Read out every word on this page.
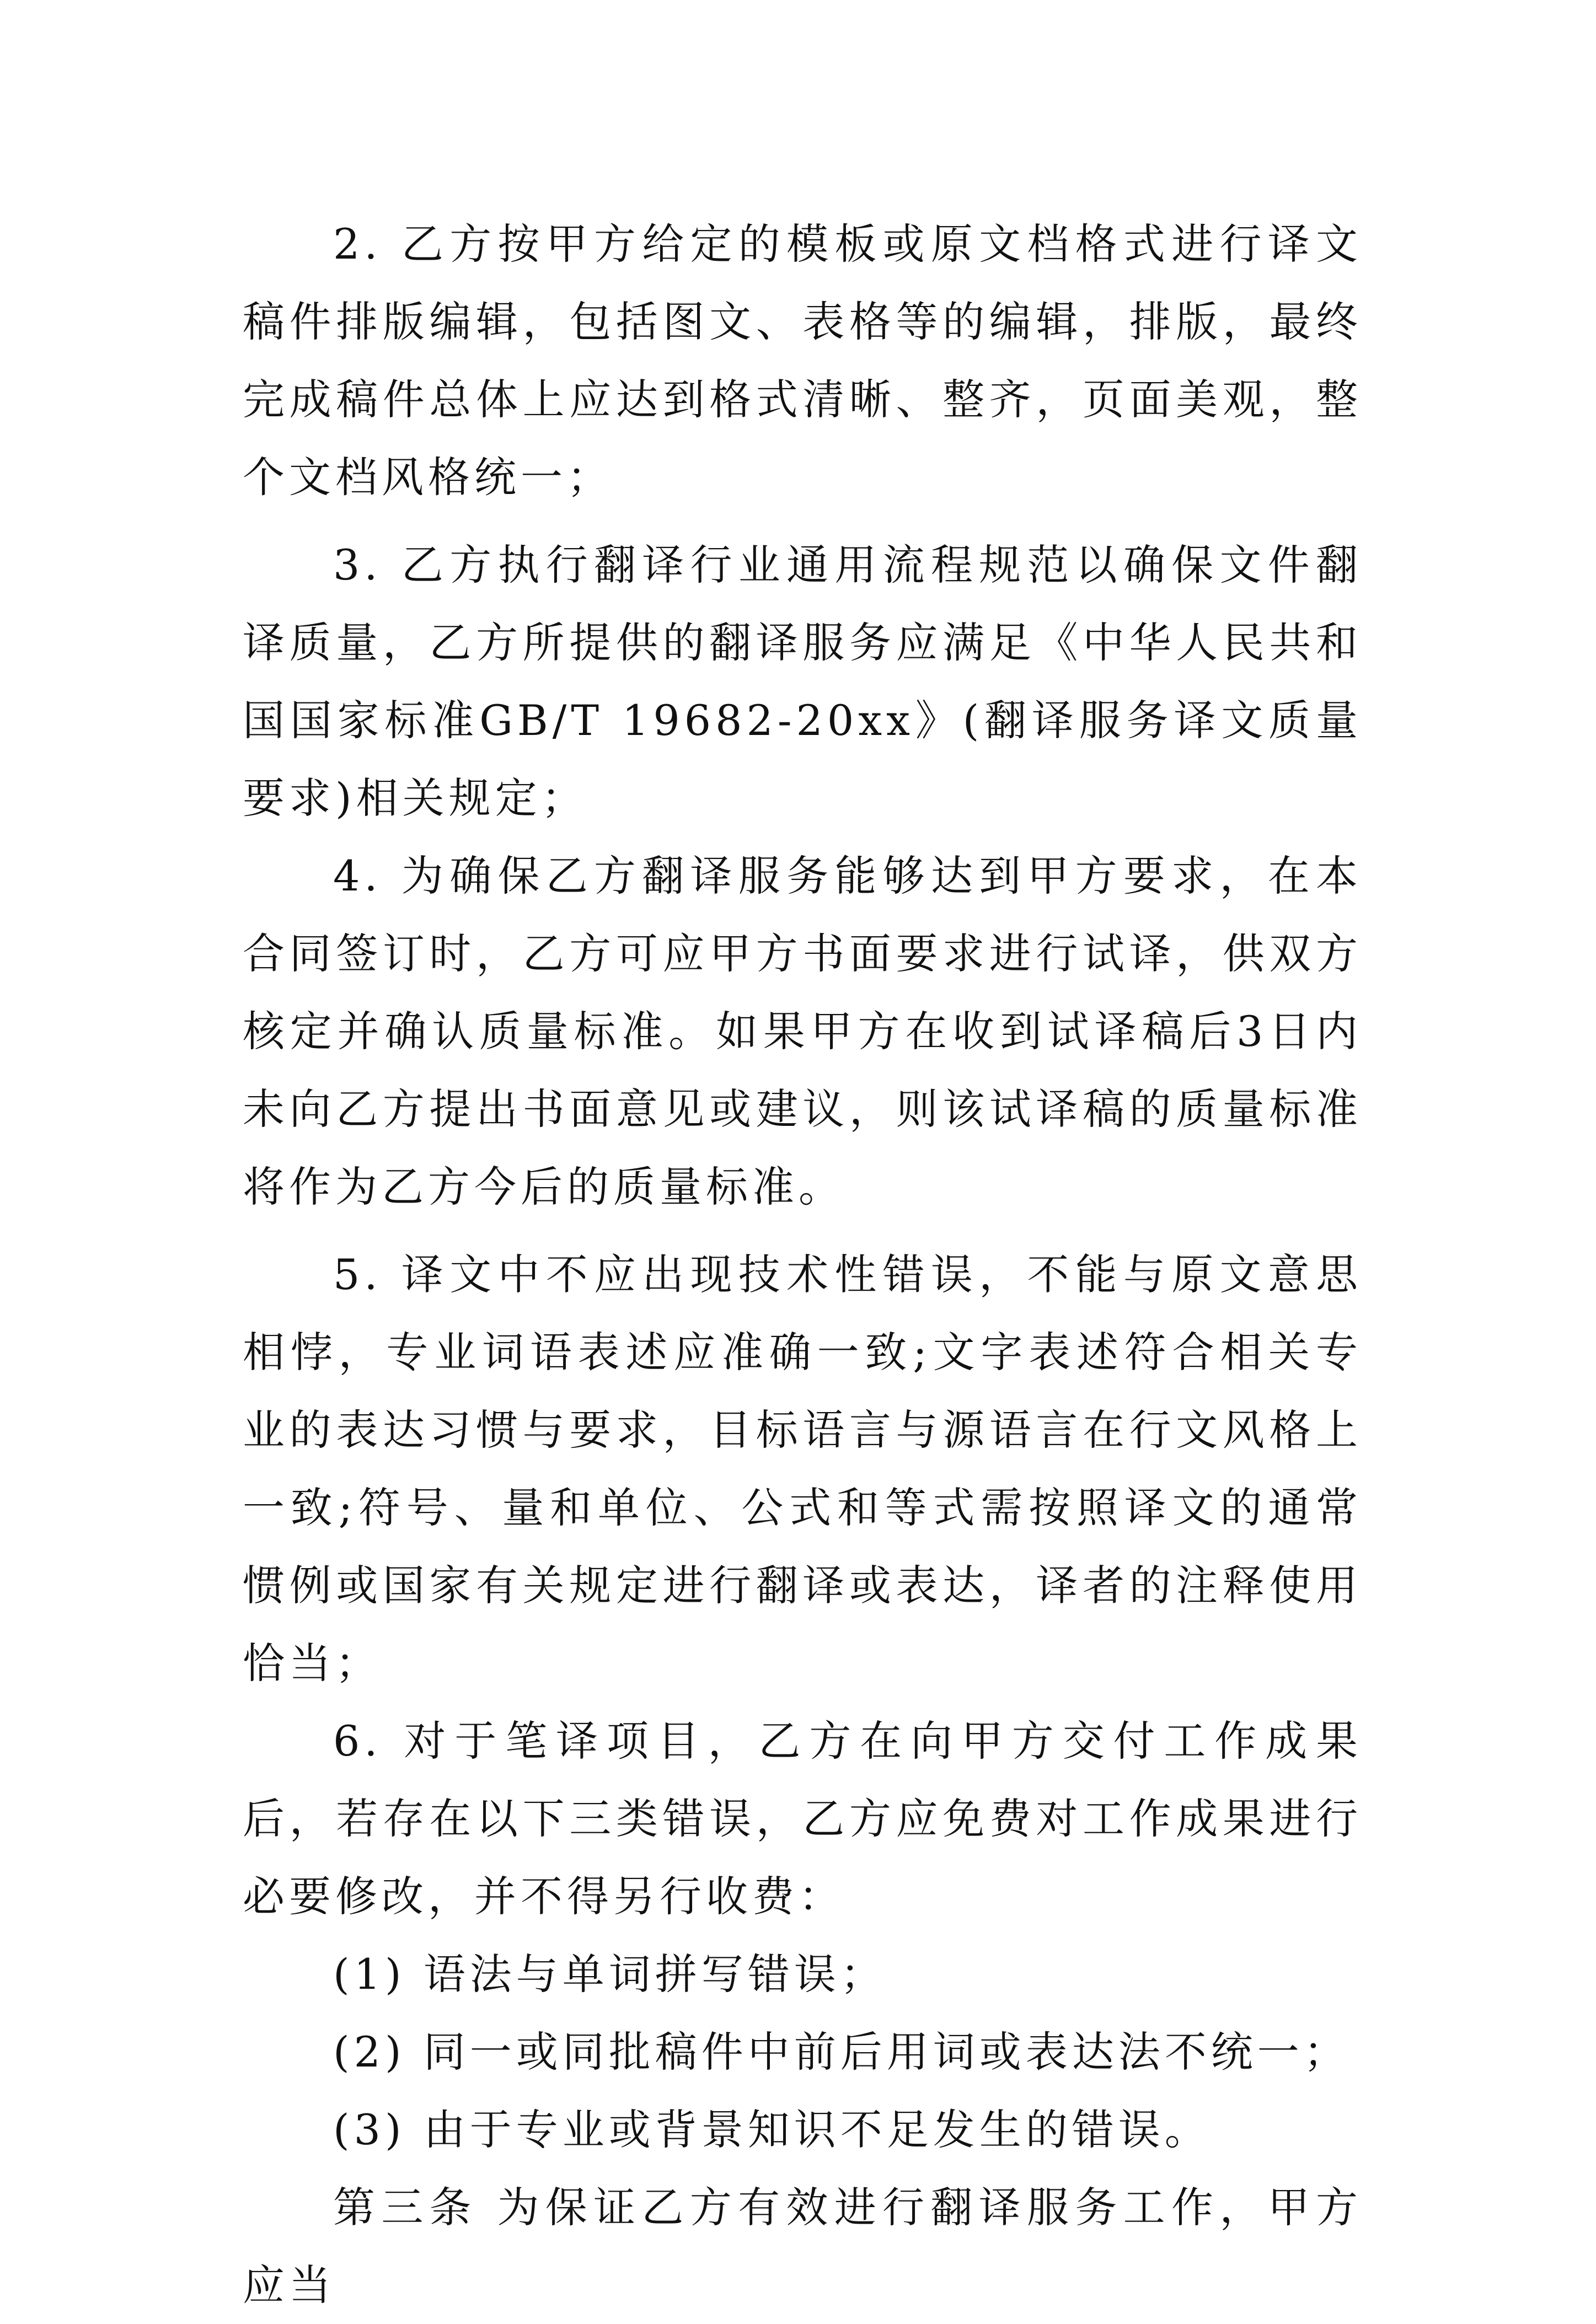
2. 乙方按甲方给定的模板或原文档格式进行译文稿件排版编辑，包括图文、表格等的编辑，排版，最终完成稿件总体上应达到格式清晰、整齐，页面美观，整个文档风格统一；

3. 乙方执行翻译行业通用流程规范以确保文件翻译质量，乙方所提供的翻译服务应满足《中华人民共和国国家标准GB/T 19682-20xx》(翻译服务译文质量要求)相关规定；

4. 为确保乙方翻译服务能够达到甲方要求，在本合同签订时，乙方可应甲方书面要求进行试译，供双方核定并确认质量标准。如果甲方在收到试译稿后3日内未向乙方提出书面意见或建议，则该试译稿的质量标准将作为乙方今后的质量标准。

5. 译文中不应出现技术性错误，不能与原文意思相悖，专业词语表述应准确一致;文字表述符合相关专业的表达习惯与要求，目标语言与源语言在行文风格上一致;符号、量和单位、公式和等式需按照译文的通常惯例或国家有关规定进行翻译或表达，译者的注释使用恰当；

6. 对于笔译项目，乙方在向甲方交付工作成果后，若存在以下三类错误，乙方应免费对工作成果进行必要修改，并不得另行收费：

(1) 语法与单词拼写错误；

(2) 同一或同批稿件中前后用词或表达法不统一；

(3) 由于专业或背景知识不足发生的错误。

第三条 为保证乙方有效进行翻译服务工作，甲方应当
